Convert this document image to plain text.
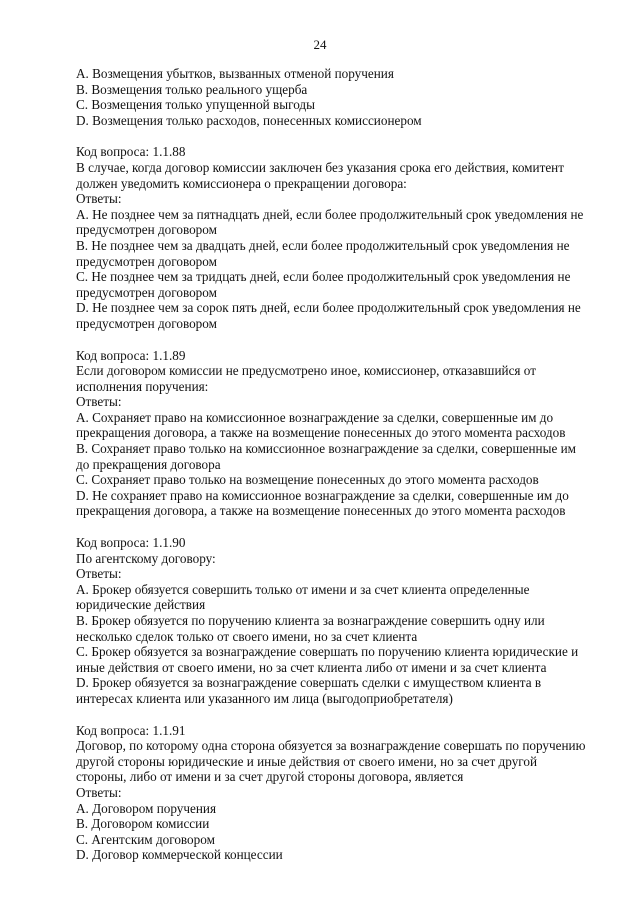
24
A. Возмещения убытков, вызванных отменой поручения
B. Возмещения только реального ущерба
C. Возмещения только упущенной выгоды
D. Возмещения только расходов, понесенных комиссионером
Код вопроса: 1.1.88
В случае, когда договор комиссии заключен без указания срока его действия, комитент
должен уведомить комиссионера о прекращении договора:
Ответы:
A. Не позднее чем за пятнадцать дней, если более продолжительный срок уведомления не
предусмотрен договором
B. Не позднее чем за двадцать дней, если более продолжительный срок уведомления не
предусмотрен договором
C. Не позднее чем за тридцать дней, если более продолжительный срок уведомления не
предусмотрен договором
D. Не позднее чем за сорок пять дней, если более продолжительный срок уведомления не
предусмотрен договором
Код вопроса: 1.1.89
Если договором комиссии не предусмотрено иное, комиссионер, отказавшийся от
исполнения поручения:
Ответы:
A. Сохраняет право на комиссионное вознаграждение за сделки, совершенные им до
прекращения договора, а также на возмещение понесенных до этого момента расходов
B. Сохраняет право только на комиссионное вознаграждение за сделки, совершенные им
до прекращения договора
C. Сохраняет право только на возмещение понесенных до этого момента расходов
D. Не сохраняет право на комиссионное вознаграждение за сделки, совершенные им до
прекращения договора, а также на возмещение понесенных до этого момента расходов
Код вопроса: 1.1.90
По агентскому договору:
Ответы:
A. Брокер обязуется совершить только от имени и за счет клиента определенные
юридические действия
B. Брокер обязуется по поручению клиента за вознаграждение совершить одну или
несколько сделок только от своего имени, но за счет клиента
C. Брокер обязуется за вознаграждение совершать по поручению клиента юридические и
иные действия от своего имени, но за счет клиента либо от имени и за счет клиента
D. Брокер обязуется за вознаграждение совершать сделки с имуществом клиента в
интересах клиента или указанного им лица (выгодоприобретателя)
Код вопроса: 1.1.91
Договор, по которому одна сторона обязуется за вознаграждение совершать по поручению
другой стороны юридические и иные действия от своего имени, но за счет другой
стороны, либо от имени и за счет другой стороны договора, является
Ответы:
A. Договором поручения
B. Договором комиссии
C. Агентским договором
D. Договор коммерческой концессии
